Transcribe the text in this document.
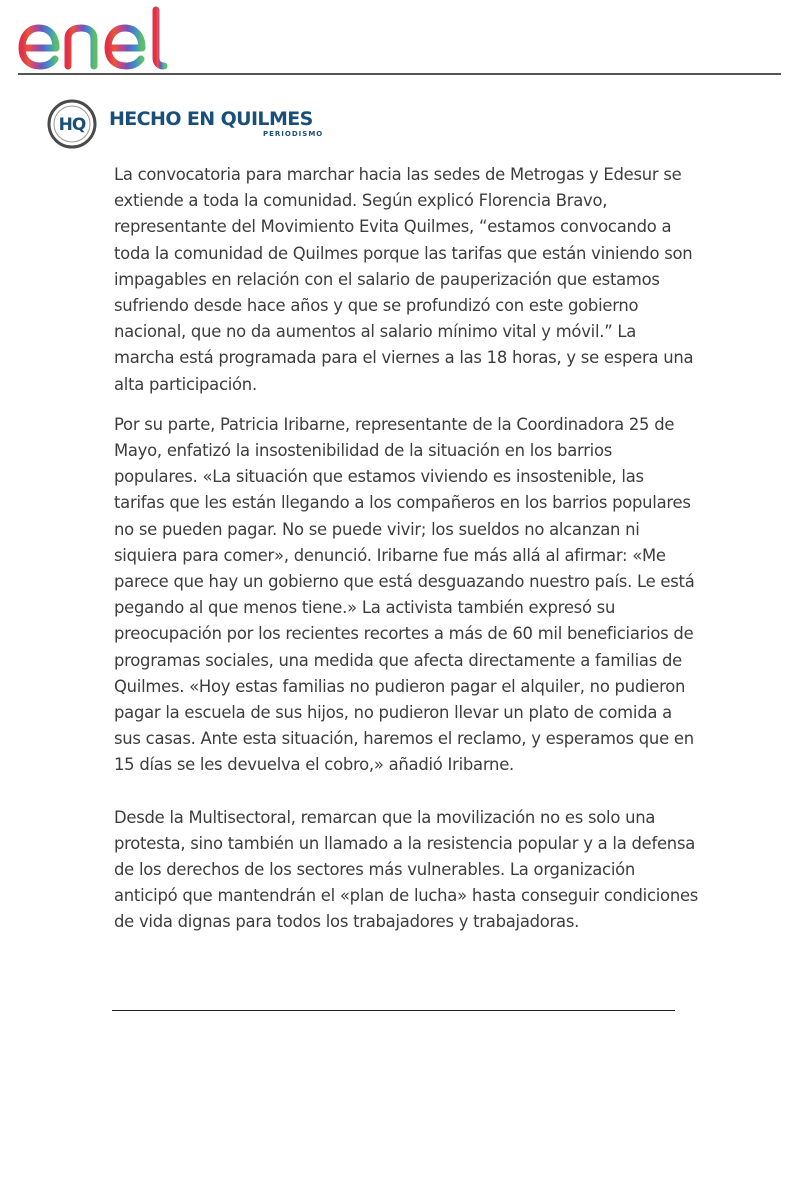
HQ HECHO EN QUILMES
PERIODISMO

La convocatoria para marchar hacia las sedes de Metrogas y Edesur se extiende a toda la comunidad. Según explicó Florencia Bravo, representante del Movimiento Evita Quilmes, “estamos convocando a toda la comunidad de Quilmes porque las tarifas que están viniendo son impagables en relación con el salario de pauperización que estamos sufriendo desde hace años y que se profundizó con este gobierno nacional, que no da aumentos al salario mínimo vital y móvil.” La marcha está programada para el viernes a las 18 horas, y se espera una alta participación.

Por su parte, Patricia Iribarne, representante de la Coordinadora 25 de Mayo, enfatizó la insostenibilidad de la situación en los barrios populares. «La situación que estamos viviendo es insostenible, las tarifas que les están llegando a los compañeros en los barrios populares no se pueden pagar. No se puede vivir; los sueldos no alcanzan ni siquiera para comer», denunció. Iribarne fue más allá al afirmar: «Me parece que hay un gobierno que está desguazando nuestro país. Le está pegando al que menos tiene.» La activista también expresó su preocupación por los recientes recortes a más de 60 mil beneficiarios de programas sociales, una medida que afecta directamente a familias de Quilmes. «Hoy estas familias no pudieron pagar el alquiler, no pudieron pagar la escuela de sus hijos, no pudieron llevar un plato de comida a sus casas. Ante esta situación, haremos el reclamo, y esperamos que en 15 días se les devuelva el cobro,» añadió Iribarne.

Desde la Multisectoral, remarcan que la movilización no es solo una protesta, sino también un llamado a la resistencia popular y a la defensa de los derechos de los sectores más vulnerables. La organización anticipó que mantendrán el «plan de lucha» hasta conseguir condiciones de vida dignas para todos los trabajadores y trabajadoras.
